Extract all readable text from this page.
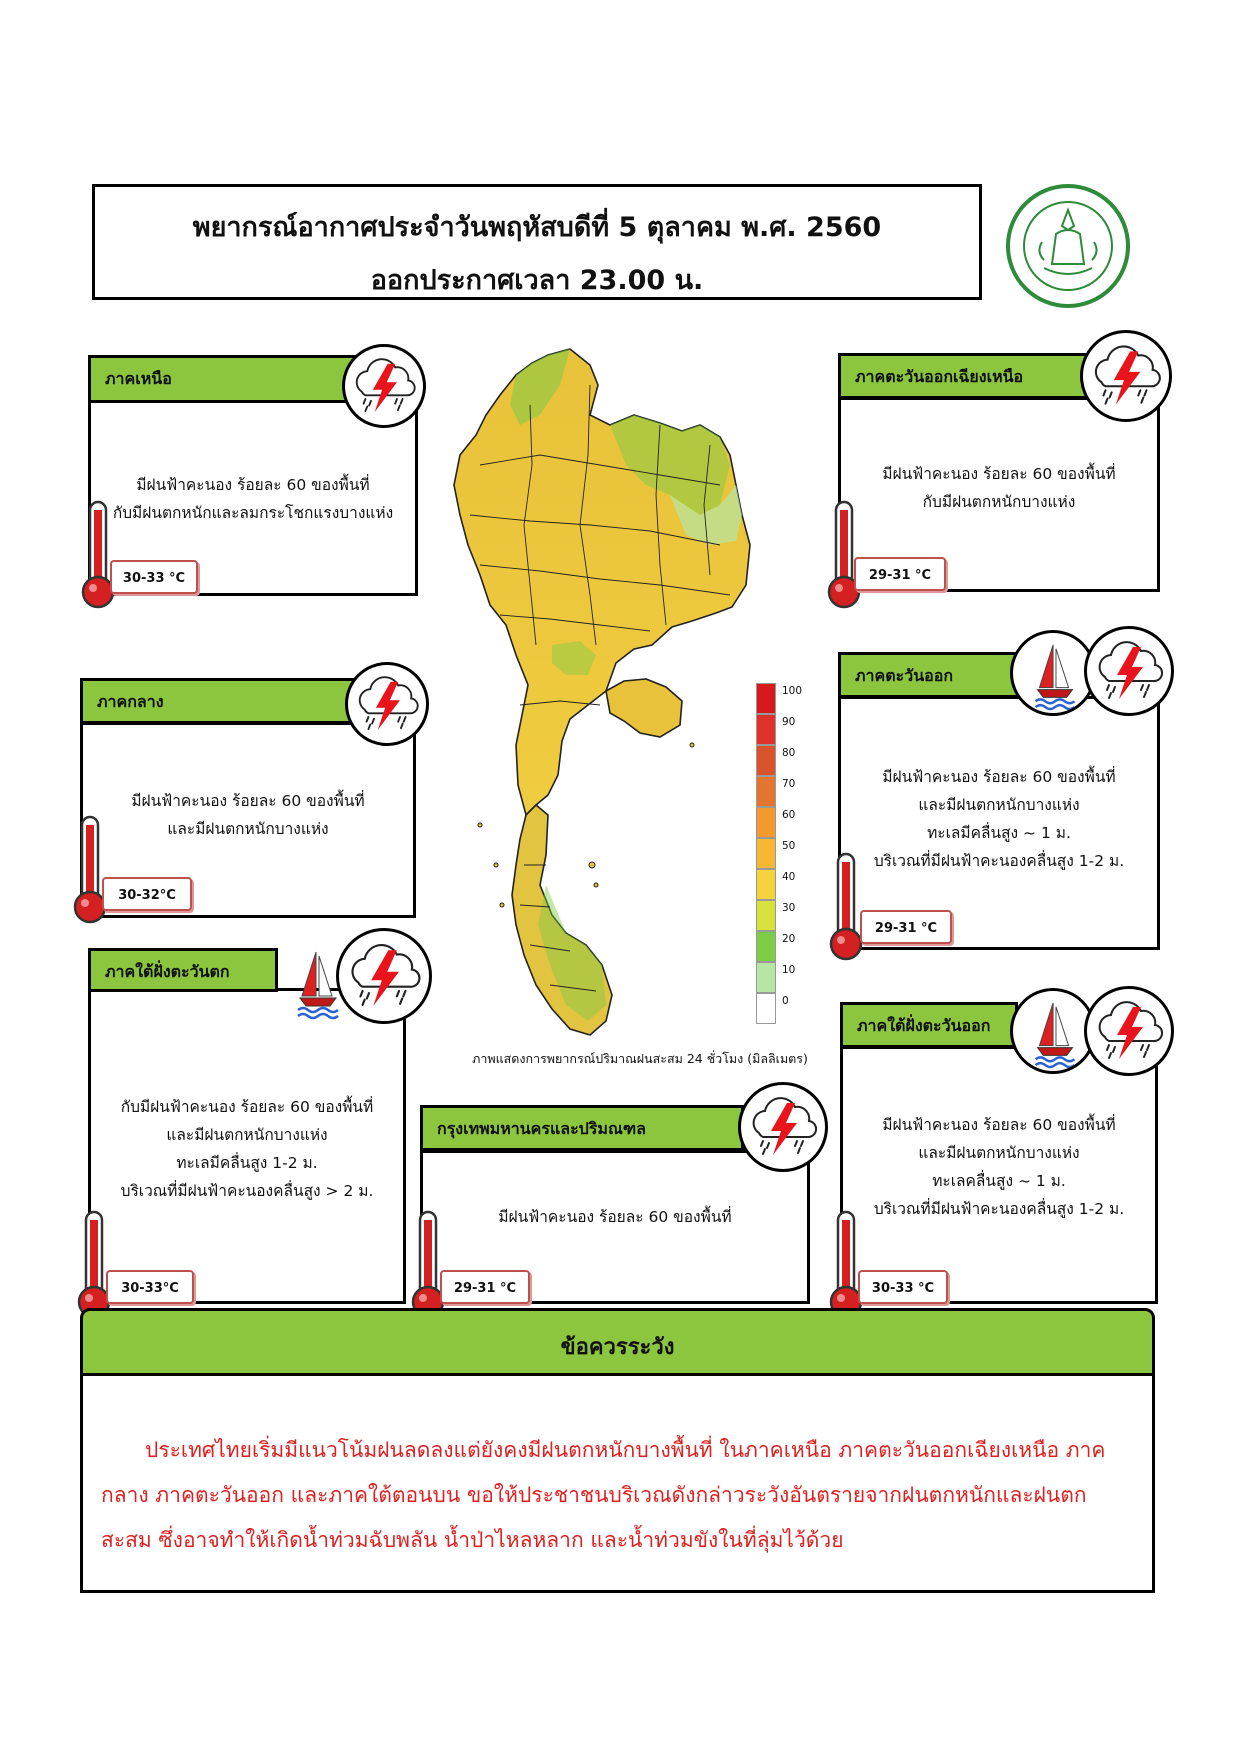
พยากรณ์อากาศประจำวันพฤหัสบดีที่ 5 ตุลาคม พ.ศ. 2560
ออกประกาศเวลา 23.00 น.
มีฝนฟ้าคะนอง ร้อยละ 60 ของพื้นที่
กับมีฝนตกหนักและลมกระโชกแรงบางแห่ง
ภาคเหนือ
30-33 °C
มีฝนฟ้าคะนอง ร้อยละ 60 ของพื้นที่
กับมีฝนตกหนักบางแห่ง
ภาคตะวันออกเฉียงเหนือ
29-31 °C
มีฝนฟ้าคะนอง ร้อยละ 60 ของพื้นที่
และมีฝนตกหนักบางแห่ง
ภาคกลาง
30-32°C
มีฝนฟ้าคะนอง ร้อยละ 60 ของพื้นที่
และมีฝนตกหนักบางแห่ง
ทะเลมีคลื่นสูง ~ 1 ม.
บริเวณที่มีฝนฟ้าคะนองคลื่นสูง 1-2 ม.
ภาคตะวันออก
29-31 °C
กับมีฝนฟ้าคะนอง ร้อยละ 60 ของพื้นที่
และมีฝนตกหนักบางแห่ง
ทะเลมีคลื่นสูง 1-2 ม.
บริเวณที่มีฝนฟ้าคะนองคลื่นสูง > 2 ม.
ภาคใต้ฝั่งตะวันตก
30-33°C
มีฝนฟ้าคะนอง ร้อยละ 60 ของพื้นที่
กรุงเทพมหานครและปริมณฑล
29-31 °C
มีฝนฟ้าคะนอง ร้อยละ 60 ของพื้นที่
และมีฝนตกหนักบางแห่ง
ทะเลคลื่นสูง ~ 1 ม.
บริเวณที่มีฝนฟ้าคะนองคลื่นสูง 1-2 ม.
ภาคใต้ฝั่งตะวันออก
30-33 °C
100
90
80
70
60
50
40
30
20
10
0
ภาพแสดงการพยากรณ์ปริมาณฝนสะสม 24 ชั่วโมง (มิลลิเมตร)
ข้อควรระวัง
ประเทศไทยเริ่มมีแนวโน้มฝนลดลงแต่ยังคงมีฝนตกหนักบางพื้นที่ ในภาคเหนือ ภาคตะวันออกเฉียงเหนือ ภาคกลาง ภาคตะวันออก และภาคใต้ตอนบน ขอให้ประชาชนบริเวณดังกล่าวระวังอันตรายจากฝนตกหนักและฝนตกสะสม ซึ่งอาจทำให้เกิดน้ำท่วมฉับพลัน น้ำป่าไหลหลาก และน้ำท่วมขังในที่ลุ่มไว้ด้วย
